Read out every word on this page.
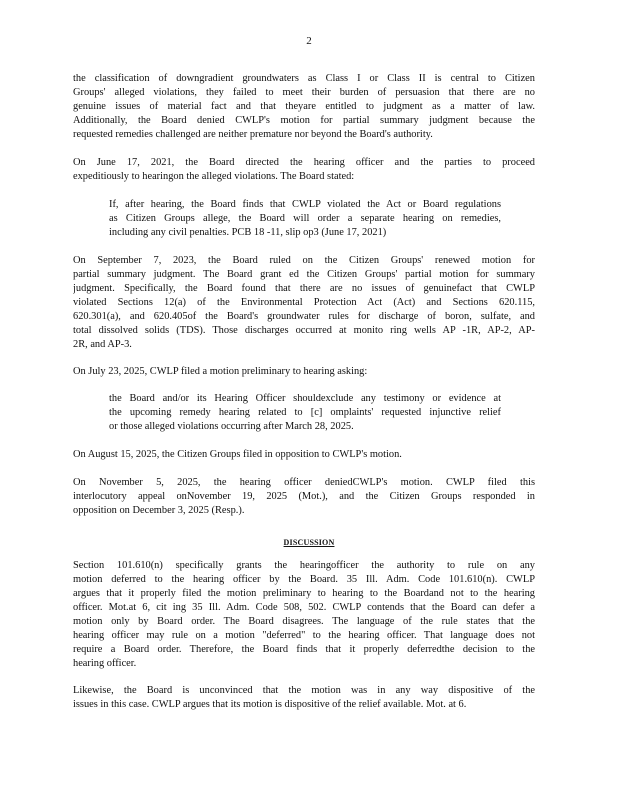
2
the classification of downgradient groundwaters as Class I or Class II is central to Citizen
Groups' alleged violations, they failed to meet their burden of persuasion that there are no
genuine issues of material fact and that theyare entitled to judgment as a matter of law.
Additionally, the Board denied CWLP's motion for partial summary judgment because the
requested remedies challenged are neither premature nor beyond the Board's authority.
On June 17, 2021, the Board directed the hearing officer and the parties to proceed
expeditiously to hearingon the alleged violations. The Board stated:
If, after hearing, the Board finds that CWLP violated the Act or Board regulations
as Citizen Groups allege, the Board will order a separate hearing on remedies,
including any civil penalties. PCB 18 -11, slip op3 (June 17, 2021)
On September 7, 2023, the Board ruled on the Citizen Groups' renewed motion for
partial summary judgment. The Board grant ed the Citizen Groups' partial motion for summary
judgment. Specifically, the Board found that there are no issues of genuinefact that CWLP
violated Sections 12(a) of the Environmental Protection Act (Act) and Sections 620.115,
620.301(a), and 620.405of the Board's groundwater rules for discharge of boron, sulfate, and
total dissolved solids (TDS). Those discharges occurred at monito ring wells AP -1R, AP-2, AP-
2R, and AP-3.
On July 23, 2025, CWLP filed a motion preliminary to hearing asking:
the Board and/or its Hearing Officer shouldexclude any testimony or evidence at
the upcoming remedy hearing related to [c] omplaints' requested injunctive relief
or those alleged violations occurring after March 28, 2025.
On August 15, 2025, the Citizen Groups filed in opposition to CWLP's motion.
On November 5, 2025, the hearing officer deniedCWLP's motion. CWLP filed this
interlocutory appeal onNovember 19, 2025 (Mot.), and the Citizen Groups responded in
opposition on December 3, 2025 (Resp.).
DISCUSSION
Section 101.610(n) specifically grants the hearingofficer the authority to rule on any
motion deferred to the hearing officer by the Board. 35 Ill. Adm. Code 101.610(n). CWLP
argues that it properly filed the motion preliminary to hearing to the Boardand not to the hearing
officer. Mot.at 6, cit ing 35 Ill. Adm. Code 508, 502. CWLP contends that the Board can defer a
motion only by Board order. The Board disagrees. The language of the rule states that the
hearing officer may rule on a motion "deferred" to the hearing officer. That language does not
require a Board order. Therefore, the Board finds that it properly deferredthe decision to the
hearing officer.
Likewise, the Board is unconvinced that the motion was in any way dispositive of the
issues in this case. CWLP argues that its motion is dispositive of the relief available. Mot. at 6.
